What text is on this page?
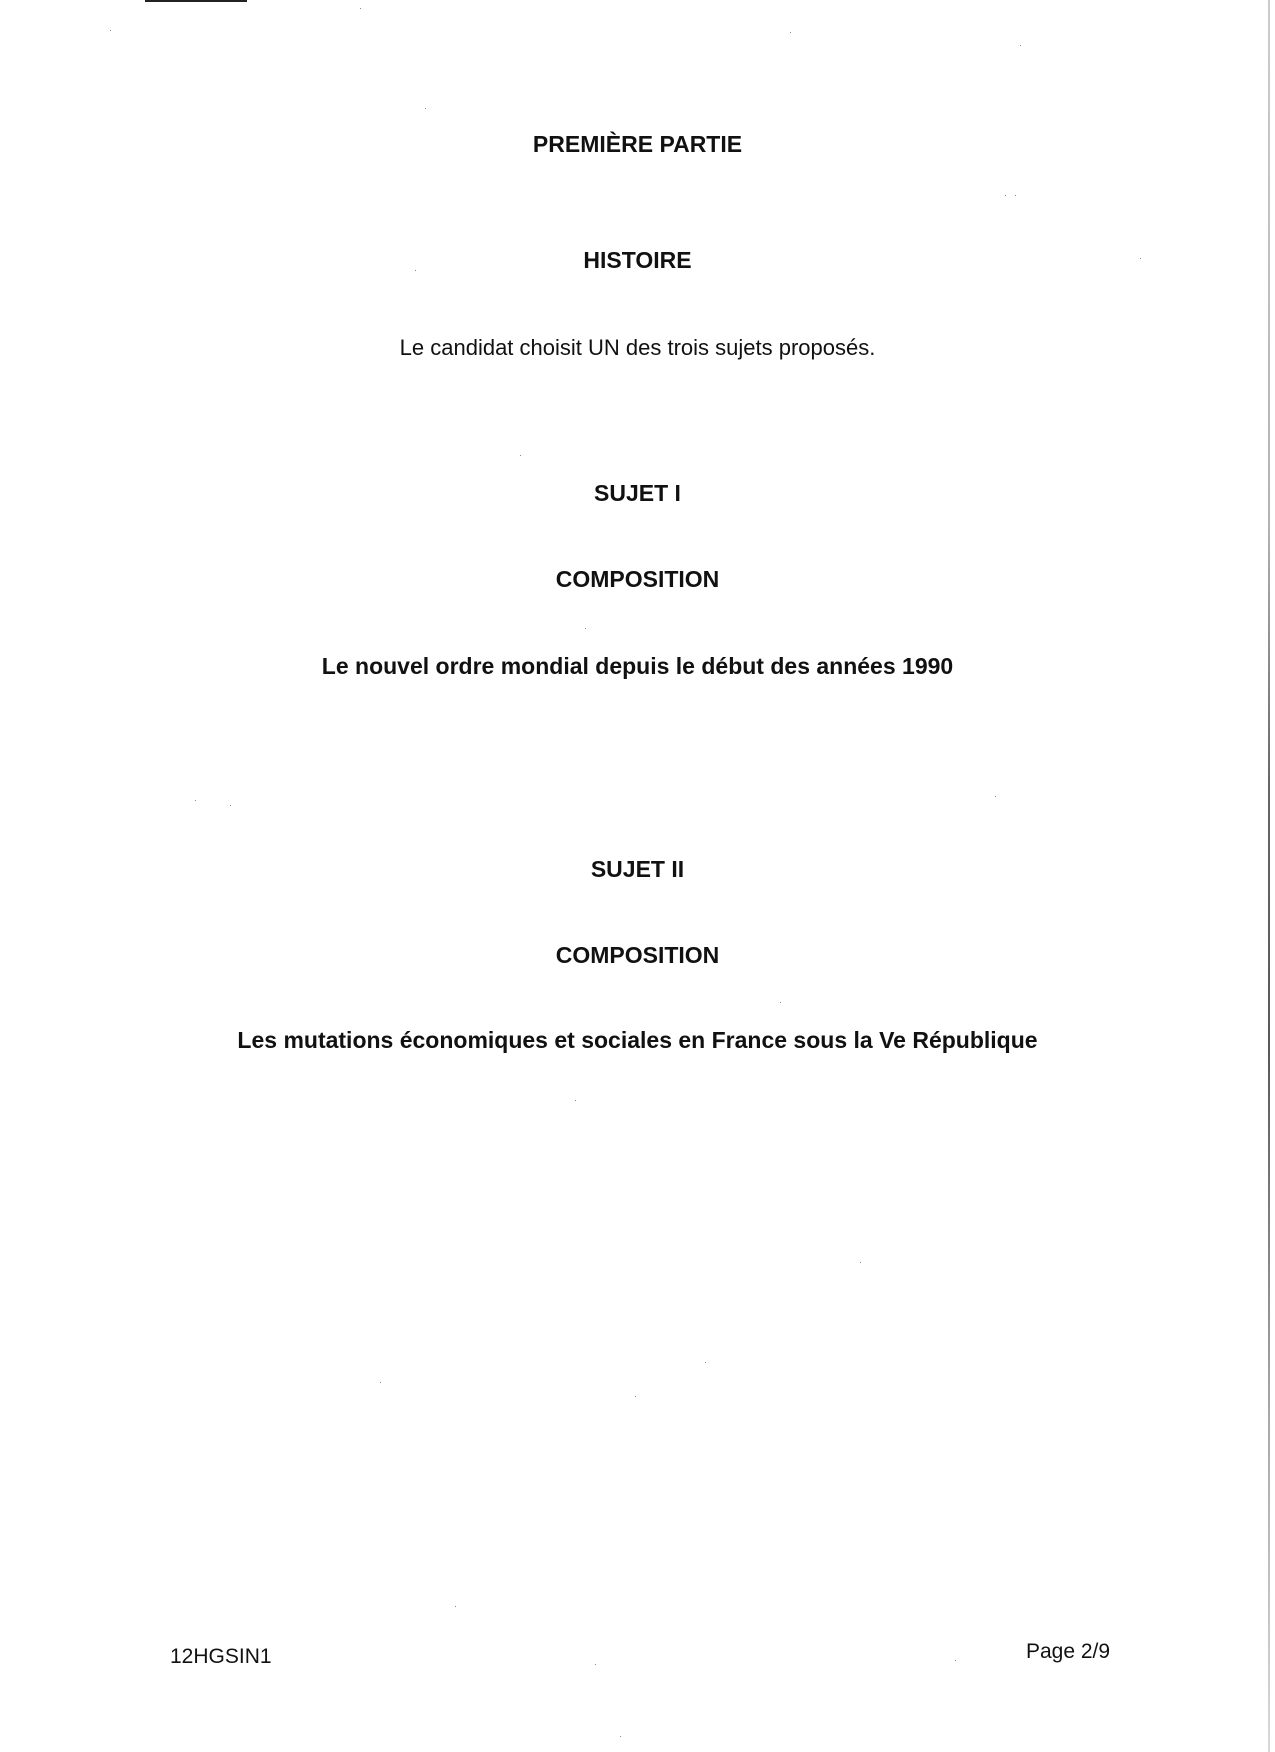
PREMIÈRE PARTIE
HISTOIRE
Le candidat choisit UN des trois sujets proposés.
SUJET I
COMPOSITION
Le nouvel ordre mondial depuis le début des années 1990
SUJET II
COMPOSITION
Les mutations économiques et sociales en France sous la Ve République
12HGSIN1	Page 2/9
